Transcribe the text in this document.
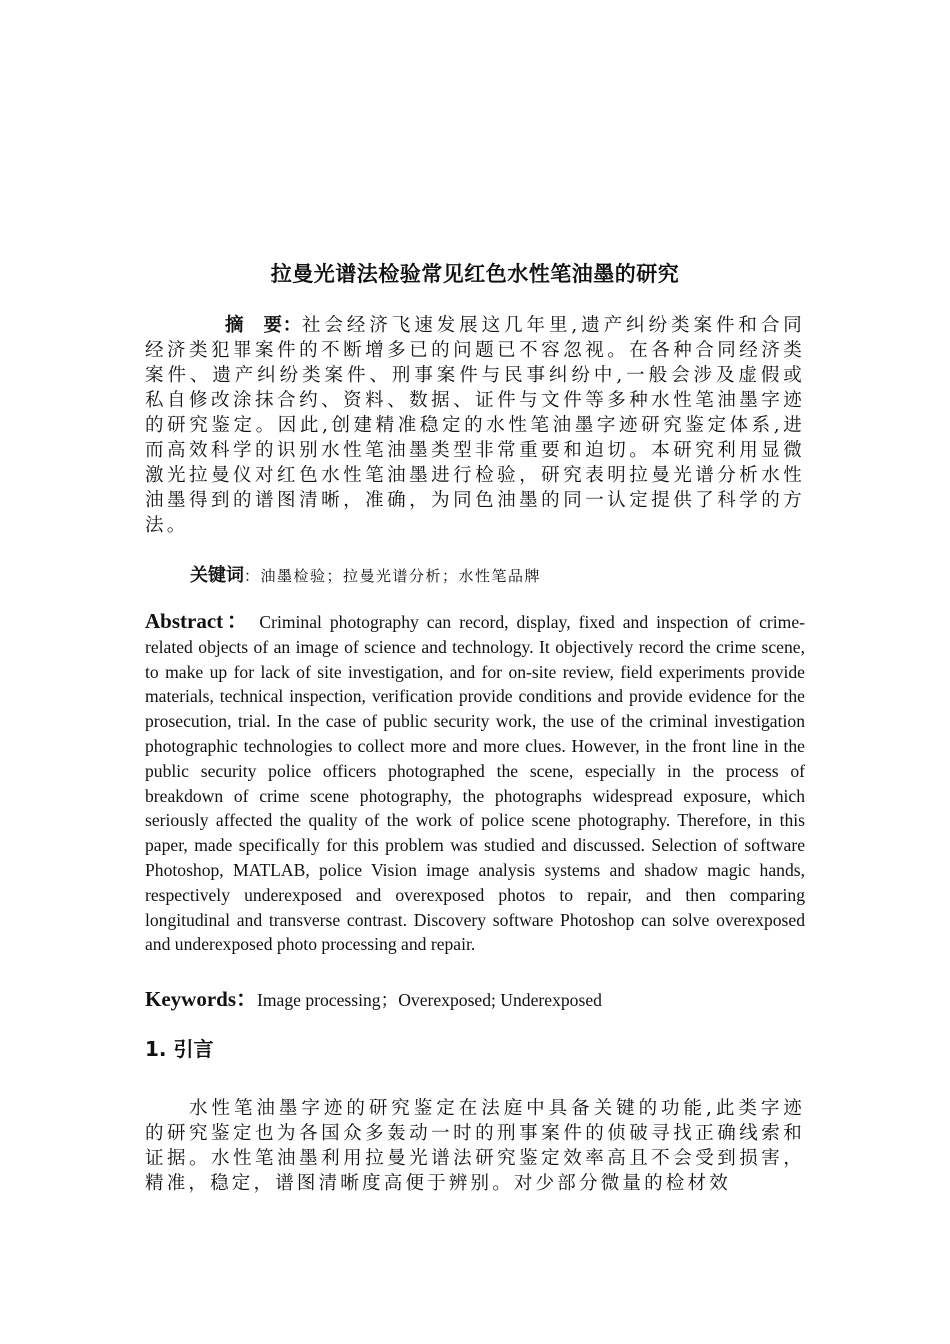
拉曼光谱法检验常见红色水性笔油墨的研究
摘　要：社会经济飞速发展这几年里,遗产纠纷类案件和合同经济类犯罪案件的不断增多已的问题已不容忽视。在各种合同经济类案件、遗产纠纷类案件、刑事案件与民事纠纷中,一般会涉及虚假或私自修改涂抹合约、资料、数据、证件与文件等多种水性笔油墨字迹的研究鉴定。因此,创建精准稳定的水性笔油墨字迹研究鉴定体系,进而高效科学的识别水性笔油墨类型非常重要和迫切。本研究利用显微激光拉曼仪对红色水性笔油墨进行检验，研究表明拉曼光谱分析水性油墨得到的谱图清晰，准确，为同色油墨的同一认定提供了科学的方法。
关键词：油墨检验；拉曼光谱分析；水性笔品牌
Abstract： Criminal photography can record, display, fixed and inspection of crime-related objects of an image of science and technology. It objectively record the crime scene, to make up for lack of site investigation, and for on-site review, field experiments provide materials, technical inspection, verification provide conditions and provide evidence for the prosecution, trial. In the case of public security work, the use of the criminal investigation photographic technologies to collect more and more clues. However, in the front line in the public security police officers photographed the scene, especially in the process of breakdown of crime scene photography, the photographs widespread exposure, which seriously affected the quality of the work of police scene photography. Therefore, in this paper, made specifically for this problem was studied and discussed. Selection of software Photoshop, MATLAB, police Vision image analysis systems and shadow magic hands, respectively underexposed and overexposed photos to repair, and then comparing longitudinal and transverse contrast. Discovery software Photoshop can solve overexposed and underexposed photo processing and repair.
Keywords：Image processing；Overexposed; Underexposed
1. 引言
水性笔油墨字迹的研究鉴定在法庭中具备关键的功能,此类字迹的研究鉴定也为各国众多轰动一时的刑事案件的侦破寻找正确线索和证据。水性笔油墨利用拉曼光谱法研究鉴定效率高且不会受到损害，精准，稳定，谱图清晰度高便于辨别。对少部分微量的检材效
